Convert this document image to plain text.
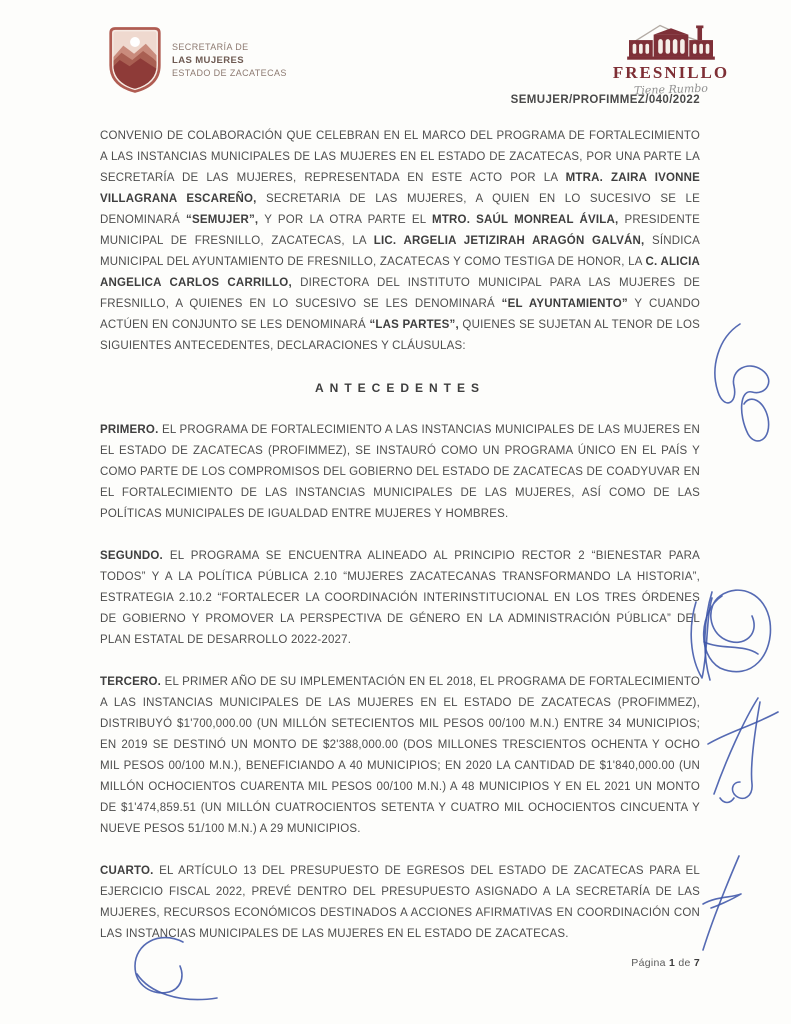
SECRETARÍA DE
LAS MUJERES
ESTADO DE ZACATECAS	FRESNILLO
Tiene Rumbo
SEMUJER/PROFIMMEZ/040/2022

CONVENIO DE COLABORACIÓN QUE CELEBRAN EN EL MARCO DEL PROGRAMA DE FORTALECIMIENTO A LAS INSTANCIAS MUNICIPALES DE LAS MUJERES EN EL ESTADO DE ZACATECAS, POR UNA PARTE LA SECRETARÍA DE LAS MUJERES, REPRESENTADA EN ESTE ACTO POR LA MTRA. ZAIRA IVONNE VILLAGRANA ESCAREÑO, SECRETARIA DE LAS MUJERES, A QUIEN EN LO SUCESIVO SE LE DENOMINARÁ “SEMUJER”, Y POR LA OTRA PARTE EL MTRO. SAÚL MONREAL ÁVILA, PRESIDENTE MUNICIPAL DE FRESNILLO, ZACATECAS, LA LIC. ARGELIA JETIZIRAH ARAGÓN GALVÁN, SÍNDICA MUNICIPAL DEL AYUNTAMIENTO DE FRESNILLO, ZACATECAS Y COMO TESTIGA DE HONOR, LA C. ALICIA ANGELICA CARLOS CARRILLO, DIRECTORA DEL INSTITUTO MUNICIPAL PARA LAS MUJERES DE FRESNILLO, A QUIENES EN LO SUCESIVO SE LES DENOMINARÁ “EL AYUNTAMIENTO” Y CUANDO ACTÚEN EN CONJUNTO SE LES DENOMINARÁ “LAS PARTES”, QUIENES SE SUJETAN AL TENOR DE LOS SIGUIENTES ANTECEDENTES, DECLARACIONES Y CLÁUSULAS:

ANTECEDENTES

PRIMERO. EL PROGRAMA DE FORTALECIMIENTO A LAS INSTANCIAS MUNICIPALES DE LAS MUJERES EN EL ESTADO DE ZACATECAS (PROFIMMEZ), SE INSTAURÓ COMO UN PROGRAMA ÚNICO EN EL PAÍS Y COMO PARTE DE LOS COMPROMISOS DEL GOBIERNO DEL ESTADO DE ZACATECAS DE COADYUVAR EN EL FORTALECIMIENTO DE LAS INSTANCIAS MUNICIPALES DE LAS MUJERES, ASÍ COMO DE LAS POLÍTICAS MUNICIPALES DE IGUALDAD ENTRE MUJERES Y HOMBRES.

SEGUNDO. EL PROGRAMA SE ENCUENTRA ALINEADO AL PRINCIPIO RECTOR 2 “BIENESTAR PARA TODOS” Y A LA POLÍTICA PÚBLICA 2.10 “MUJERES ZACATECANAS TRANSFORMANDO LA HISTORIA”, ESTRATEGIA 2.10.2 “FORTALECER LA COORDINACIÓN INTERINSTITUCIONAL EN LOS TRES ÓRDENES DE GOBIERNO Y PROMOVER LA PERSPECTIVA DE GÉNERO EN LA ADMINISTRACIÓN PÚBLICA” DEL PLAN ESTATAL DE DESARROLLO 2022-2027.

TERCERO. EL PRIMER AÑO DE SU IMPLEMENTACIÓN EN EL 2018, EL PROGRAMA DE FORTALECIMIENTO A LAS INSTANCIAS MUNICIPALES DE LAS MUJERES EN EL ESTADO DE ZACATECAS (PROFIMMEZ), DISTRIBUYÓ $1'700,000.00 (UN MILLÓN SETECIENTOS MIL PESOS 00/100 M.N.) ENTRE 34 MUNICIPIOS; EN 2019 SE DESTINÓ UN MONTO DE $2'388,000.00 (DOS MILLONES TRESCIENTOS OCHENTA Y OCHO MIL PESOS 00/100 M.N.), BENEFICIANDO A 40 MUNICIPIOS; EN 2020 LA CANTIDAD DE $1'840,000.00 (UN MILLÓN OCHOCIENTOS CUARENTA MIL PESOS 00/100 M.N.) A 48 MUNICIPIOS Y EN EL 2021 UN MONTO DE $1'474,859.51 (UN MILLÓN CUATROCIENTOS SETENTA Y CUATRO MIL OCHOCIENTOS CINCUENTA Y NUEVE PESOS 51/100 M.N.) A 29 MUNICIPIOS.

CUARTO. EL ARTÍCULO 13 DEL PRESUPUESTO DE EGRESOS DEL ESTADO DE ZACATECAS PARA EL EJERCICIO FISCAL 2022, PREVÉ DENTRO DEL PRESUPUESTO ASIGNADO A LA SECRETARÍA DE LAS MUJERES, RECURSOS ECONÓMICOS DESTINADOS A ACCIONES AFIRMATIVAS EN COORDINACIÓN CON LAS INSTANCIAS MUNICIPALES DE LAS MUJERES EN EL ESTADO DE ZACATECAS.

Página 1 de 7
